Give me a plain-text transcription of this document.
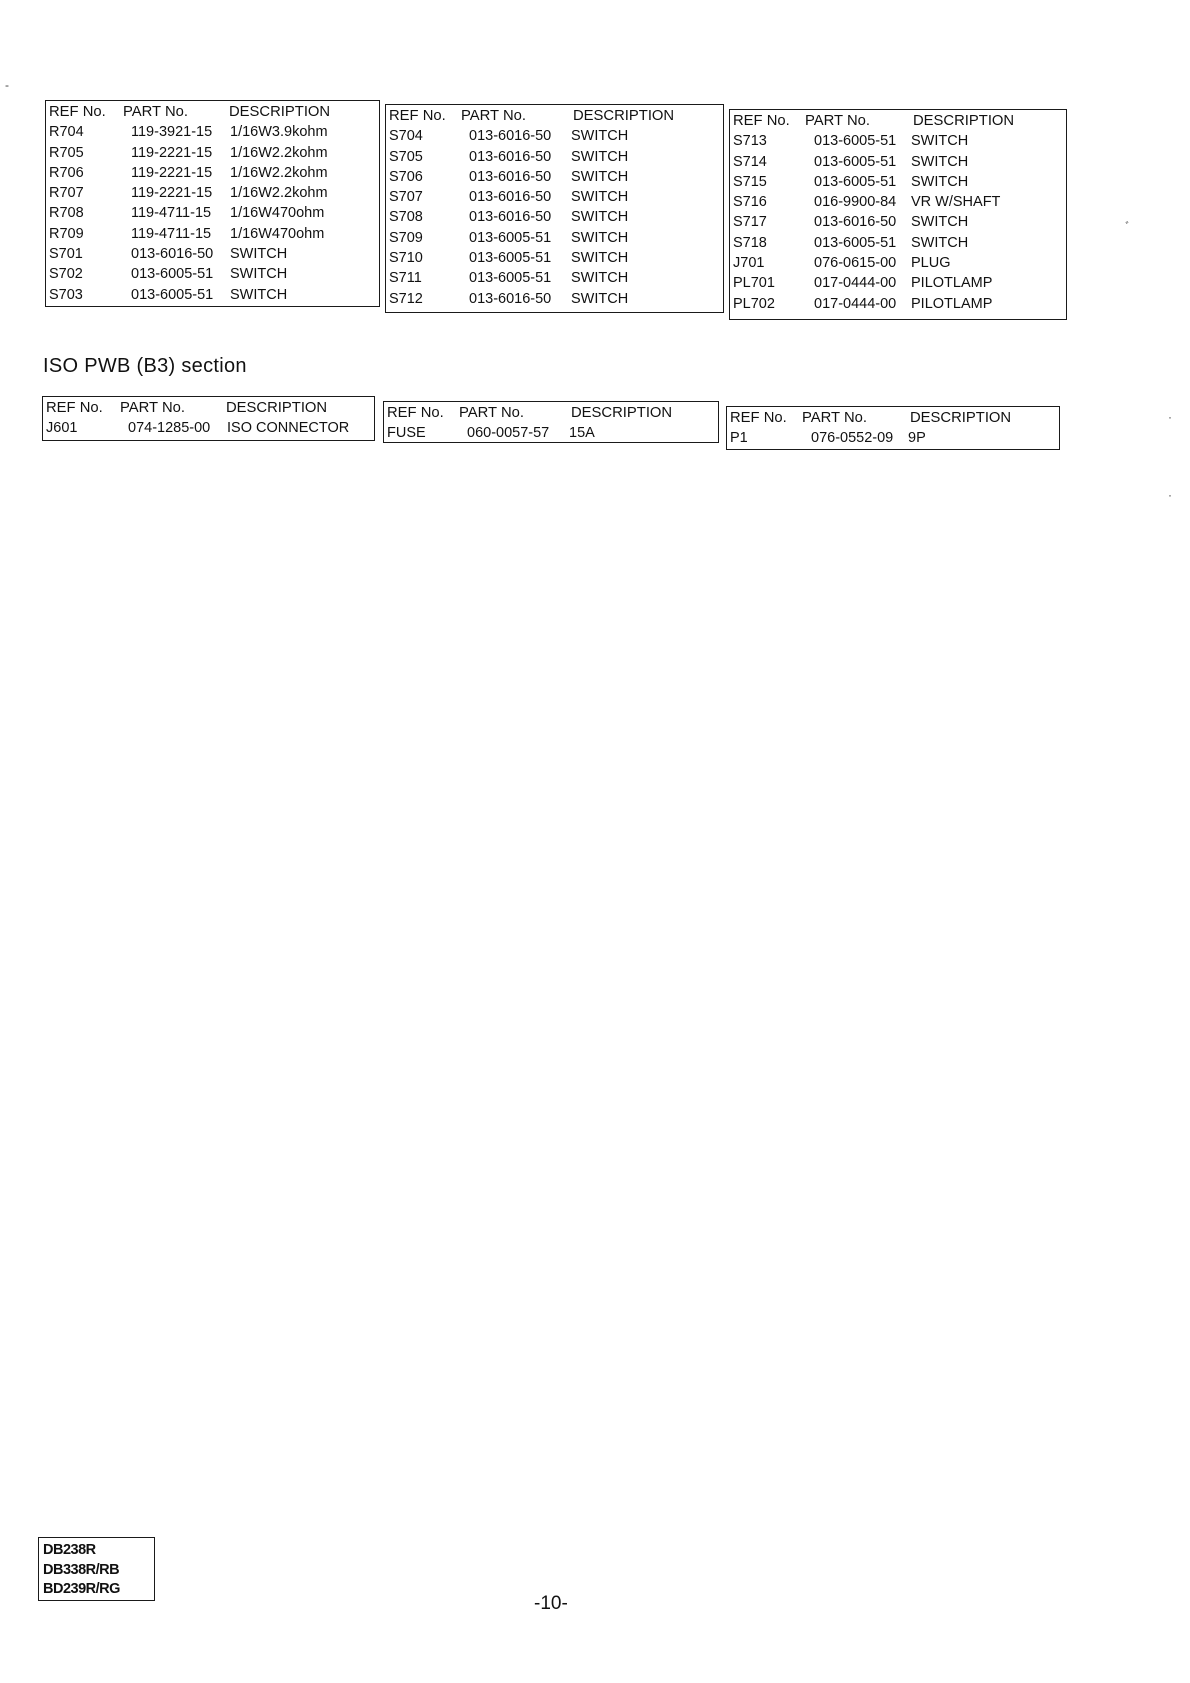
REF No. PART No.	DESCRIPTION
R704	119-3921-15 1/16W3.9kohm
R705	119-2221-15 1/16W2.2kohm
R706	119-2221-15 1/16W2.2kohm
R707	119-2221-15 1/16W2.2kohm
R708	119-4711-15 1/16W470ohm
R709	119-4711-15 1/16W470ohm
S701	013-6016-50 SWITCH
S702	013-6005-51 SWITCH
S703	013-6005-51 SWITCH
REF No. PART No.	DESCRIPTION
S704	013-6016-50 SWITCH
S705	013-6016-50 SWITCH
S706	013-6016-50 SWITCH
S707	013-6016-50 SWITCH
S708	013-6016-50 SWITCH
S709	013-6005-51 SWITCH
S710	013-6005-51 SWITCH
S711	013-6005-51 SWITCH
S712	013-6016-50 SWITCH
REF No. PART No.	DESCRIPTION
S713	013-6005-51 SWITCH
S714	013-6005-51 SWITCH
S715	013-6005-51 SWITCH
S716	016-9900-84 VR W/SHAFT
S717	013-6016-50 SWITCH
S718	013-6005-51 SWITCH
J701	076-0615-00 PLUG
PL701	017-0444-00 PILOTLAMP
PL702	017-0444-00 PILOTLAMP
ISO PWB (B3) section
REF No. PART No.	DESCRIPTION
J601	074-1285-00 ISO CONNECTOR
REF No. PART No.	DESCRIPTION
FUSE	060-0057-57 15A
REF No. PART No.	DESCRIPTION
P1	076-0552-09 9P
DB238R
DB338R/RB
BD239R/RG
-10-
-
ﾞ
·
·
